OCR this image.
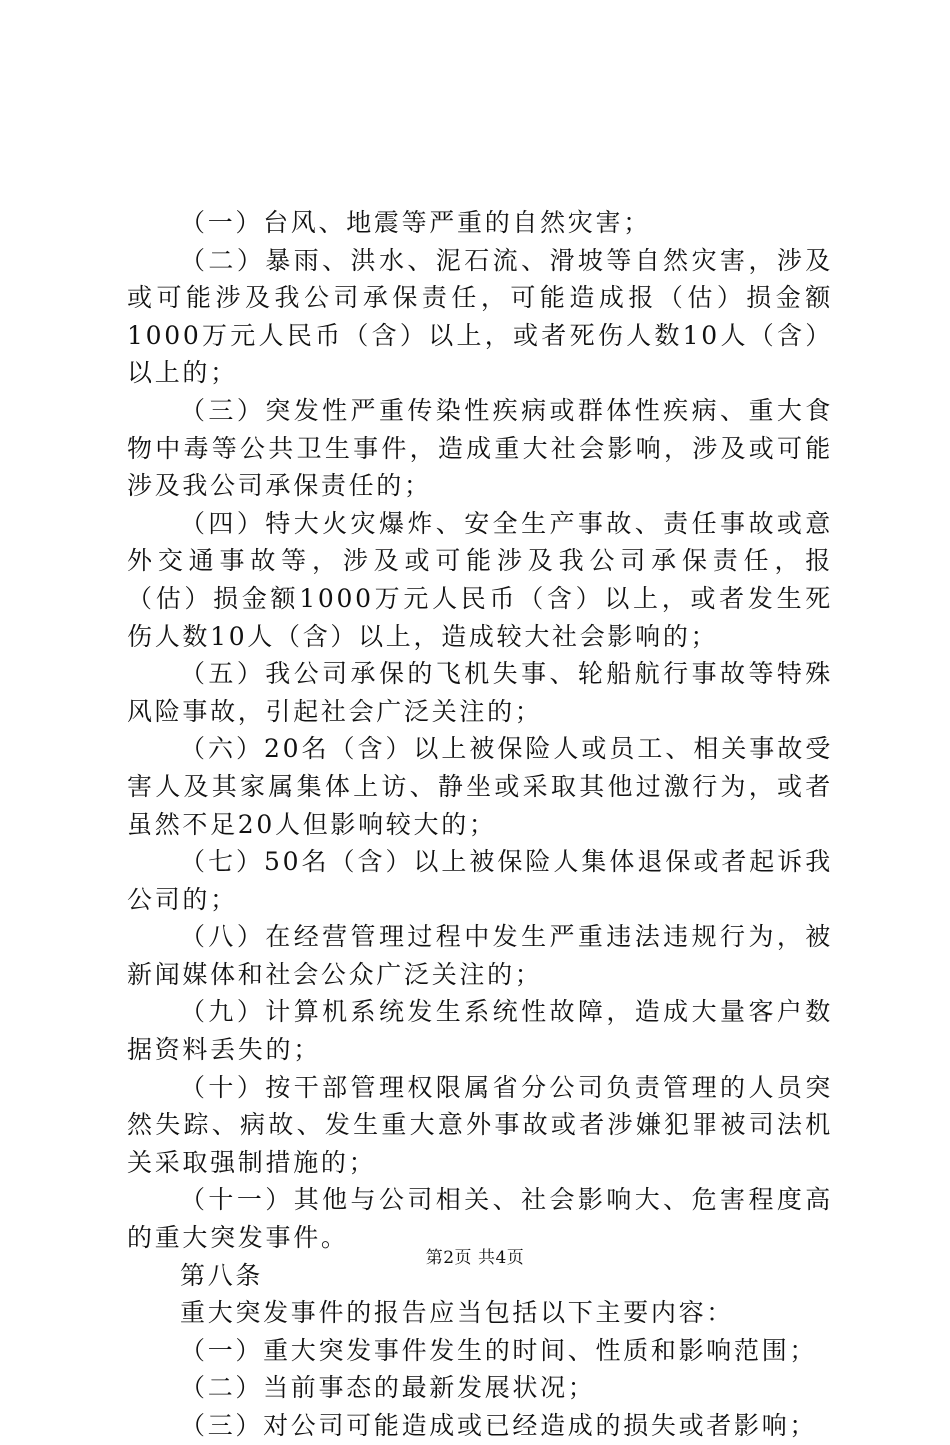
（一）台风、地震等严重的自然灾害；

（二）暴雨、洪水、泥石流、滑坡等自然灾害，涉及或可能涉及我公司承保责任，可能造成报（估）损金额1000万元人民币（含）以上，或者死伤人数10人（含）以上的；

（三）突发性严重传染性疾病或群体性疾病、重大食物中毒等公共卫生事件，造成重大社会影响，涉及或可能涉及我公司承保责任的；

（四）特大火灾爆炸、安全生产事故、责任事故或意外交通事故等，涉及或可能涉及我公司承保责任，报（估）损金额1000万元人民币（含）以上，或者发生死伤人数10人（含）以上，造成较大社会影响的；

（五）我公司承保的飞机失事、轮船航行事故等特殊风险事故，引起社会广泛关注的；

（六）20名（含）以上被保险人或员工、相关事故受害人及其家属集体上访、静坐或采取其他过激行为，或者虽然不足20人但影响较大的；

（七）50名（含）以上被保险人集体退保或者起诉我公司的；

（八）在经营管理过程中发生严重违法违规行为，被新闻媒体和社会公众广泛关注的；

（九）计算机系统发生系统性故障，造成大量客户数据资料丢失的；

（十）按干部管理权限属省分公司负责管理的人员突然失踪、病故、发生重大意外事故或者涉嫌犯罪被司法机关采取强制措施的；

（十一）其他与公司相关、社会影响大、危害程度高的重大突发事件。

第八条

重大突发事件的报告应当包括以下主要内容：

（一）重大突发事件发生的时间、性质和影响范围；

（二）当前事态的最新发展状况；

（三）对公司可能造成或已经造成的损失或者影响；

第2页 共4页
